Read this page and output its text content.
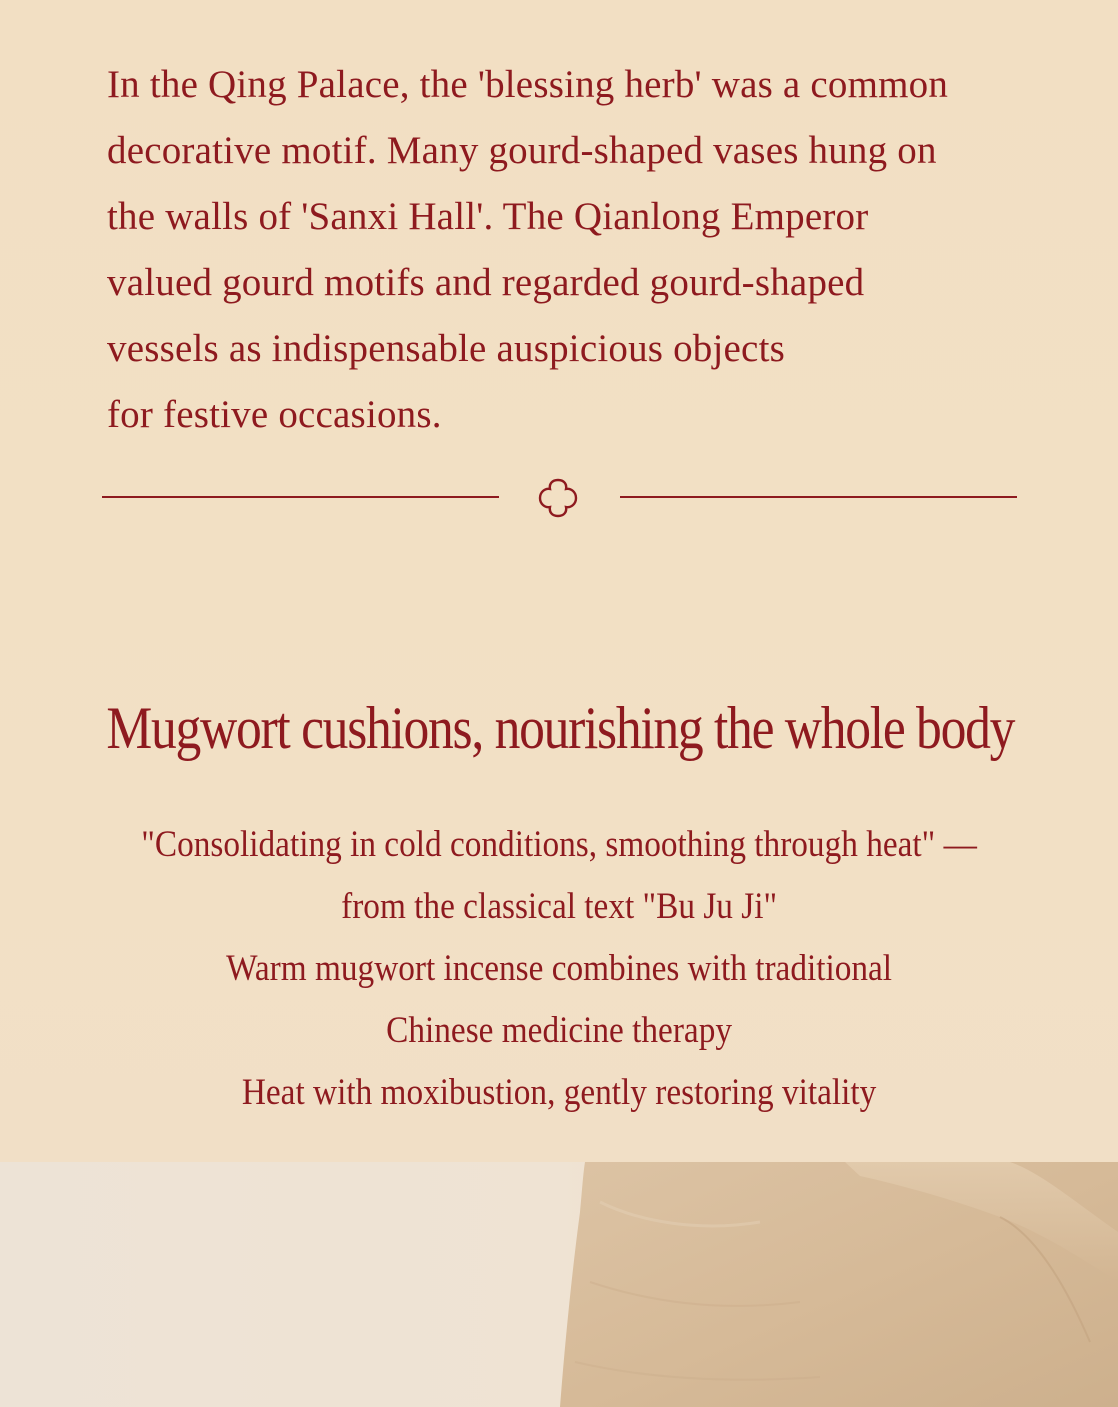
In the Qing Palace, the 'blessing herb' was a common
decorative motif. Many gourd-shaped vases hung on
the walls of 'Sanxi Hall'. The Qianlong Emperor
valued gourd motifs and regarded gourd-shaped
vessels as indispensable auspicious objects
for festive occasions.
Mugwort cushions, nourishing the whole body
"Consolidating in cold conditions, smoothing through heat" —
from the classical text "Bu Ju Ji"
Warm mugwort incense combines with traditional
Chinese medicine therapy
Heat with moxibustion, gently restoring vitality
